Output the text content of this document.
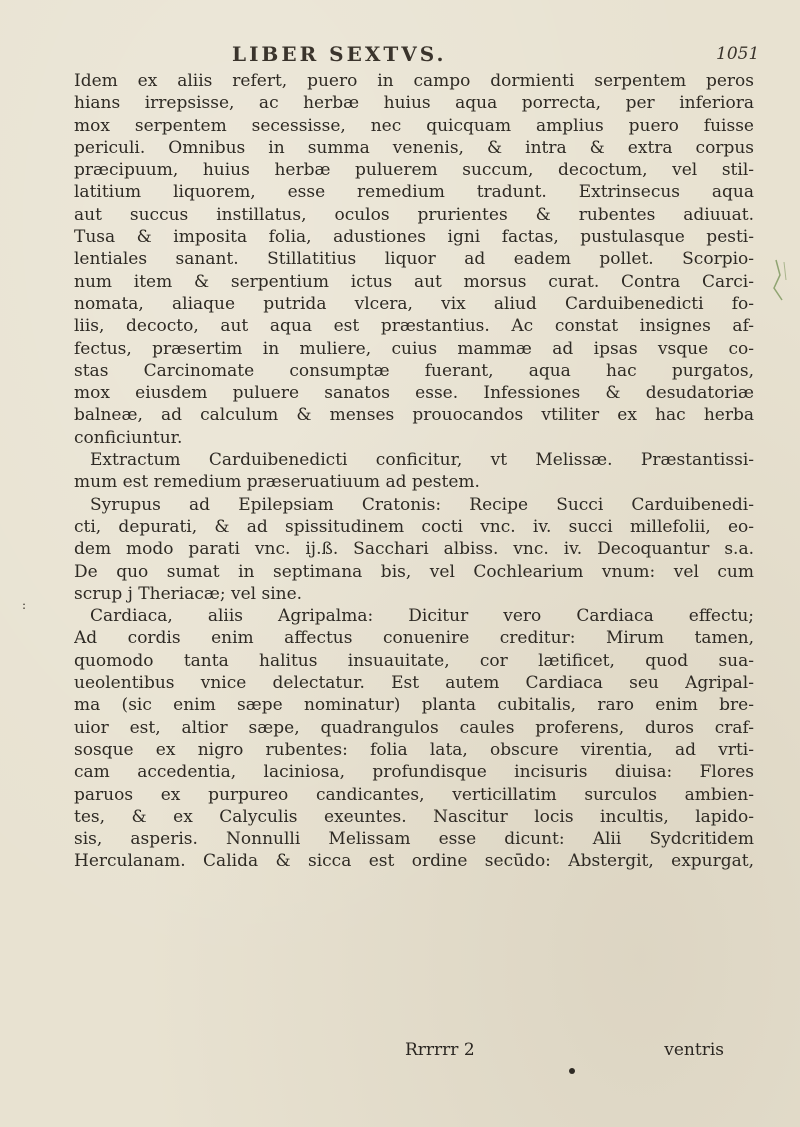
LIBER SEXTVS.	1051
:
Idem ex aliis refert, puero in campo dormienti serpentem peros
hians irrepsisse, ac herbæ huius aqua porrecta, per inferiora
mox serpentem secessisse, nec quicquam amplius puero fuisse
periculi. Omnibus in summa venenis, & intra & extra corpus
præcipuum, huius herbæ puluerem succum, decoctum, vel stil-
latitium liquorem, esse remedium tradunt. Extrinsecus aqua
aut succus instillatus, oculos prurientes & rubentes adiuuat.
Tusa & imposita folia, adustiones igni factas, pustulasque pesti-
lentiales sanant. Stillatitius liquor ad eadem pollet. Scorpio-
num item & serpentium ictus aut morsus curat. Contra Carci-
nomata, aliaque putrida vlcera, vix aliud Carduibenedicti fo-
liis, decocto, aut aqua est præstantius. Ac constat insignes af-
fectus, præsertim in muliere, cuius mammæ ad ipsas vsque co-
stas Carcinomate consumptæ fuerant, aqua hac purgatos,
mox eiusdem puluere sanatos esse. Infessiones & desudatoriæ
balneæ, ad calculum & menses prouocandos vtiliter ex hac herba
conficiuntur.
Extractum Carduibenedicti conficitur, vt Melissæ. Præstantissi-
mum est remedium præseruatiuum ad pestem.
Syrupus ad Epilepsiam Cratonis: Recipe Succi Carduibenedi-
cti, depurati, & ad spissitudinem cocti vnc. iv. succi millefolii, eo-
dem modo parati vnc. ij.ß. Sacchari albiss. vnc. iv. Decoquantur s.a.
De quo sumat in septimana bis, vel Cochlearium vnum: vel cum
scrup j Theriacæ; vel sine.
Cardiaca, aliis Agripalma: Dicitur vero Cardiaca effectu;
Ad cordis enim affectus conuenire creditur: Mirum tamen,
quomodo tanta halitus insuauitate, cor lætificet, quod sua-
ueolentibus vnice delectatur. Est autem Cardiaca seu Agripal-
ma (sic enim sæpe nominatur) planta cubitalis, raro enim bre-
uior est, altior sæpe, quadrangulos caules proferens, duros craf-
sosque ex nigro rubentes: folia lata, obscure virentia, ad vrti-
cam accedentia, laciniosa, profundisque incisuris diuisa: Flores
paruos ex purpureo candicantes, verticillatim surculos ambien-
tes, & ex Calyculis exeuntes. Nascitur locis incultis, lapido-
sis, asperis. Nonnulli Melissam esse dicunt: Alii Sydcritidem
Herculanam. Calida & sicca est ordine secūdo: Abstergit, expurgat,
Rrrrrr 2	ventris
